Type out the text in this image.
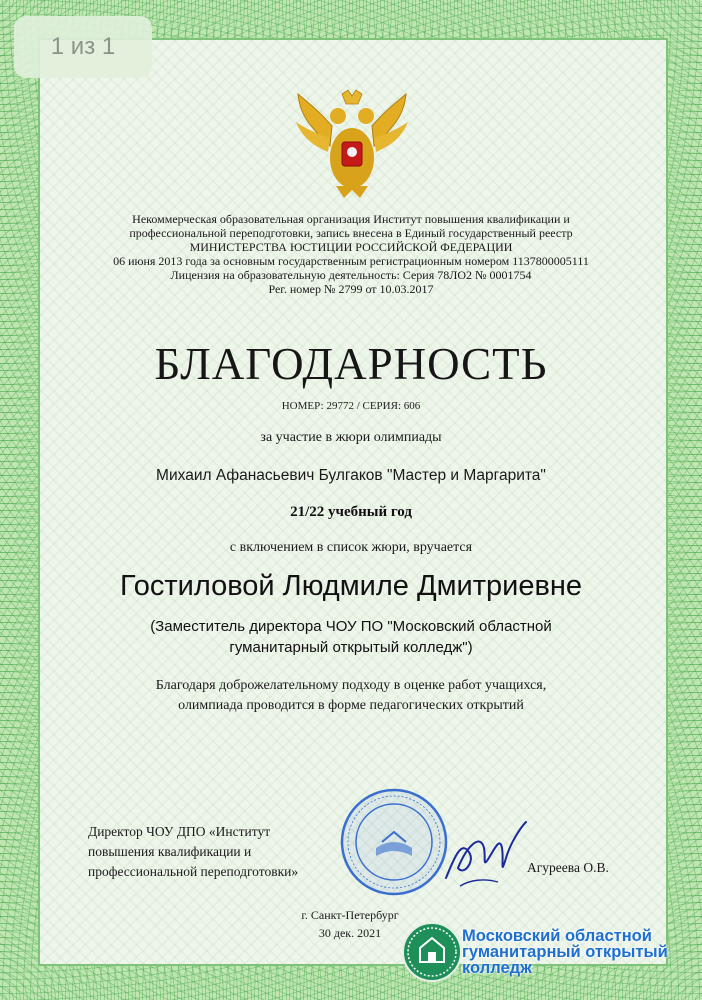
1 из 1
Некоммерческая образовательная организация Институт повышения квалификации и
профессиональной переподготовки, запись внесена в Единый государственный реестр
МИНИСТЕРСТВА ЮСТИЦИИ РОССИЙСКОЙ ФЕДЕРАЦИИ
06 июня 2013 года за основным государственным регистрационным номером 1137800005111
Лицензия на образовательную деятельность: Серия 78ЛО2 № 0001754
Рег. номер № 2799 от 10.03.2017
БЛАГОДАРНОСТЬ
НОМЕР: 29772 / СЕРИЯ: 606
за участие в жюри олимпиады
Михаил Афанасьевич Булгаков "Мастер и Маргарита"
21/22 учебный год
с включением в список жюри, вручается
Гостиловой Людмиле Дмитриевне
(Заместитель директора ЧОУ ПО "Московский областной
гуманитарный открытый колледж")
Благодаря доброжелательному подходу в оценке работ учащихся,
олимпиада проводится в форме педагогических открытий
Директор ЧОУ ДПО «Институт
повышения квалификации и
профессиональной переподготовки»	Агуреева О.В.
г. Санкт-Петербург
30 дек. 2021	Московский областной
гуманитарный открытый
колледж
